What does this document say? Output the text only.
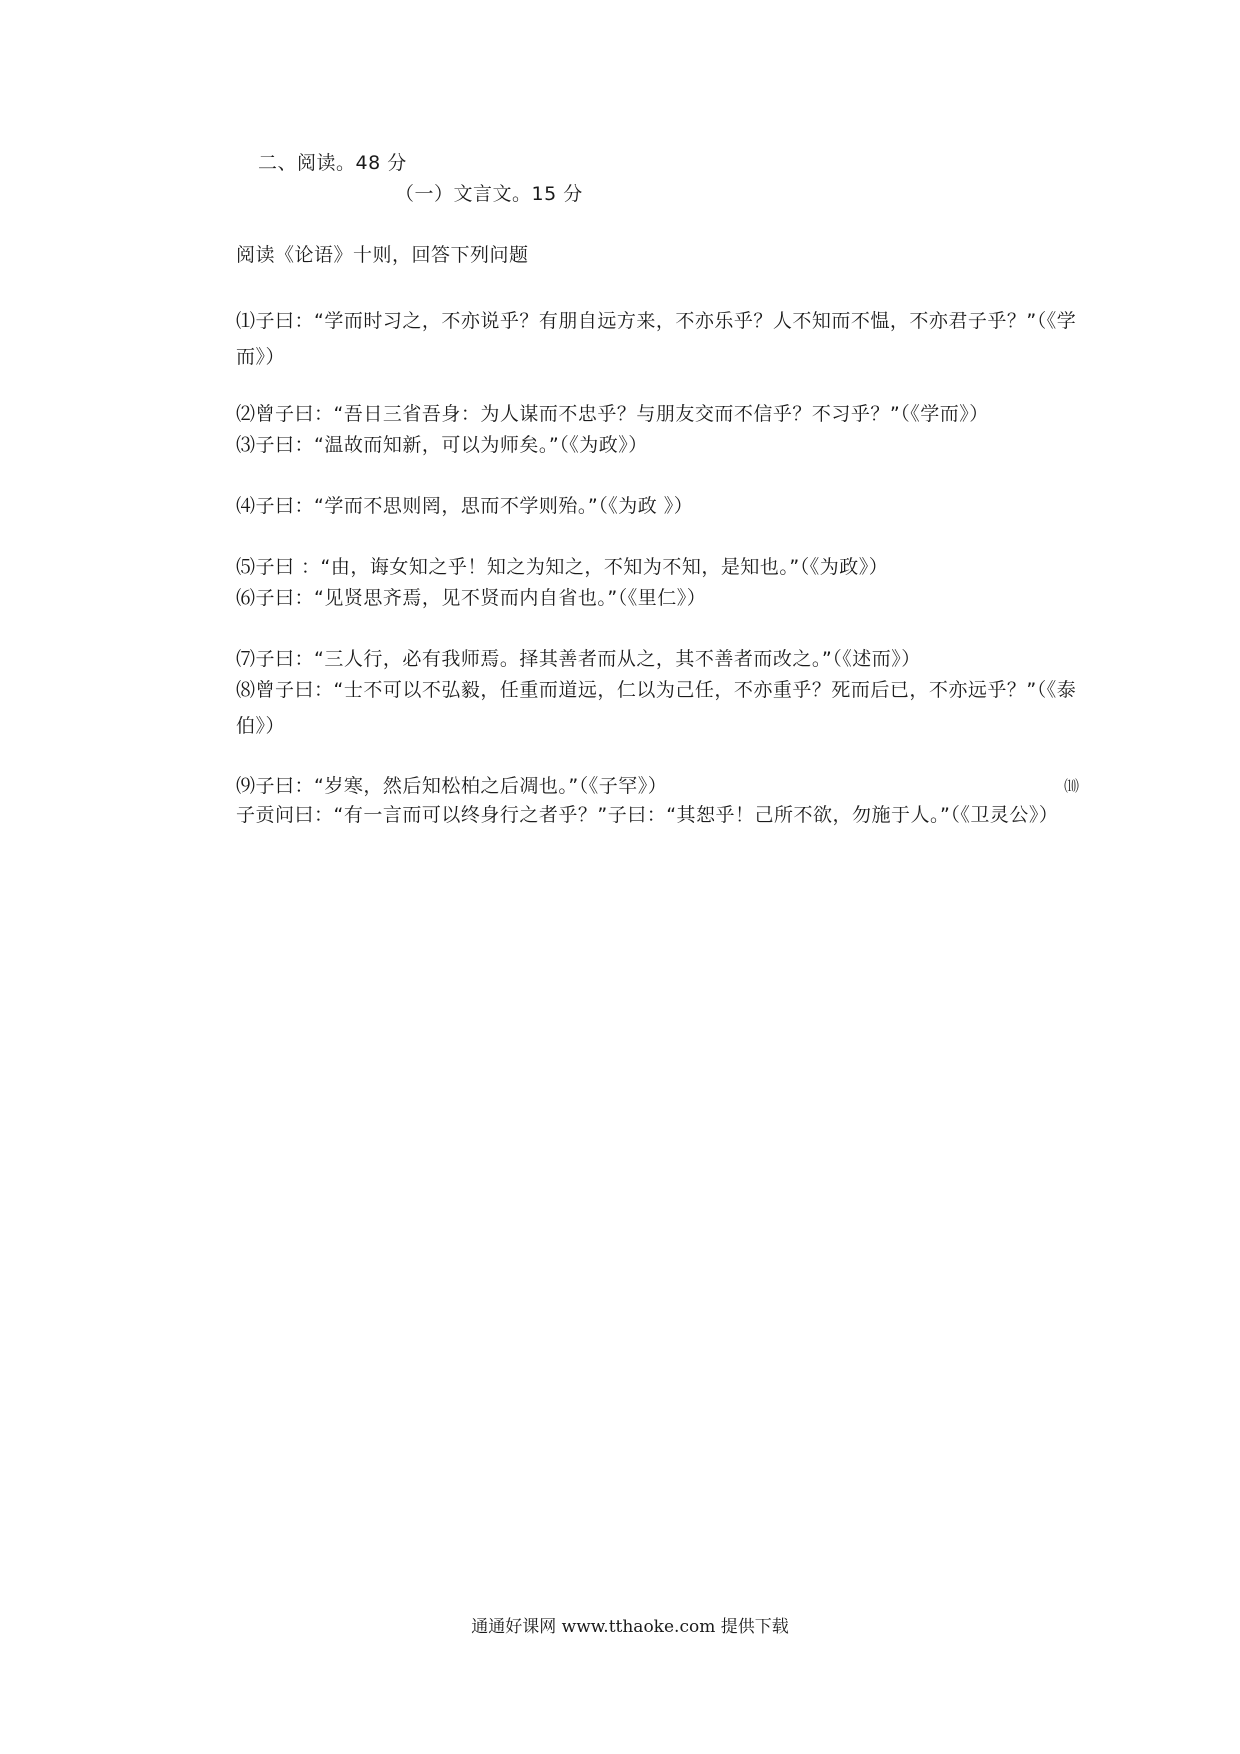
二、阅读。48 分
（一）文言文。15 分
阅读《论语》十则，回答下列问题
⑴子曰：“学而时习之，不亦说乎？有朋自远方来，不亦乐乎？人不知而不愠，不亦君子乎？”（《学而》）
⑵曾子曰：“吾日三省吾身：为人谋而不忠乎？与朋友交而不信乎？不习乎？”（《学而》）
⑶子曰：“温故而知新，可以为师矣。”（《为政》）
⑷子曰：“学而不思则罔，思而不学则殆。”（《为政 》）
⑸子曰 ：“由，诲女知之乎！知之为知之，不知为不知，是知也。”（《为政》）
⑹子曰：“见贤思齐焉，见不贤而内自省也。”（《里仁》）
⑺子曰：“三人行，必有我师焉。择其善者而从之，其不善者而改之。”（《述而》）
⑻曾子曰：“士不可以不弘毅，任重而道远，仁以为己任，不亦重乎？死而后已，不亦远乎？”（《泰伯》）
⑼子曰：“岁寒，然后知松柏之后凋也。”（《子罕》）	⑽
子贡问曰：“有一言而可以终身行之者乎？”子曰：“其恕乎！己所不欲，勿施于人。”（《卫灵公》）
通通好课网 www.tthaoke.com 提供下载
